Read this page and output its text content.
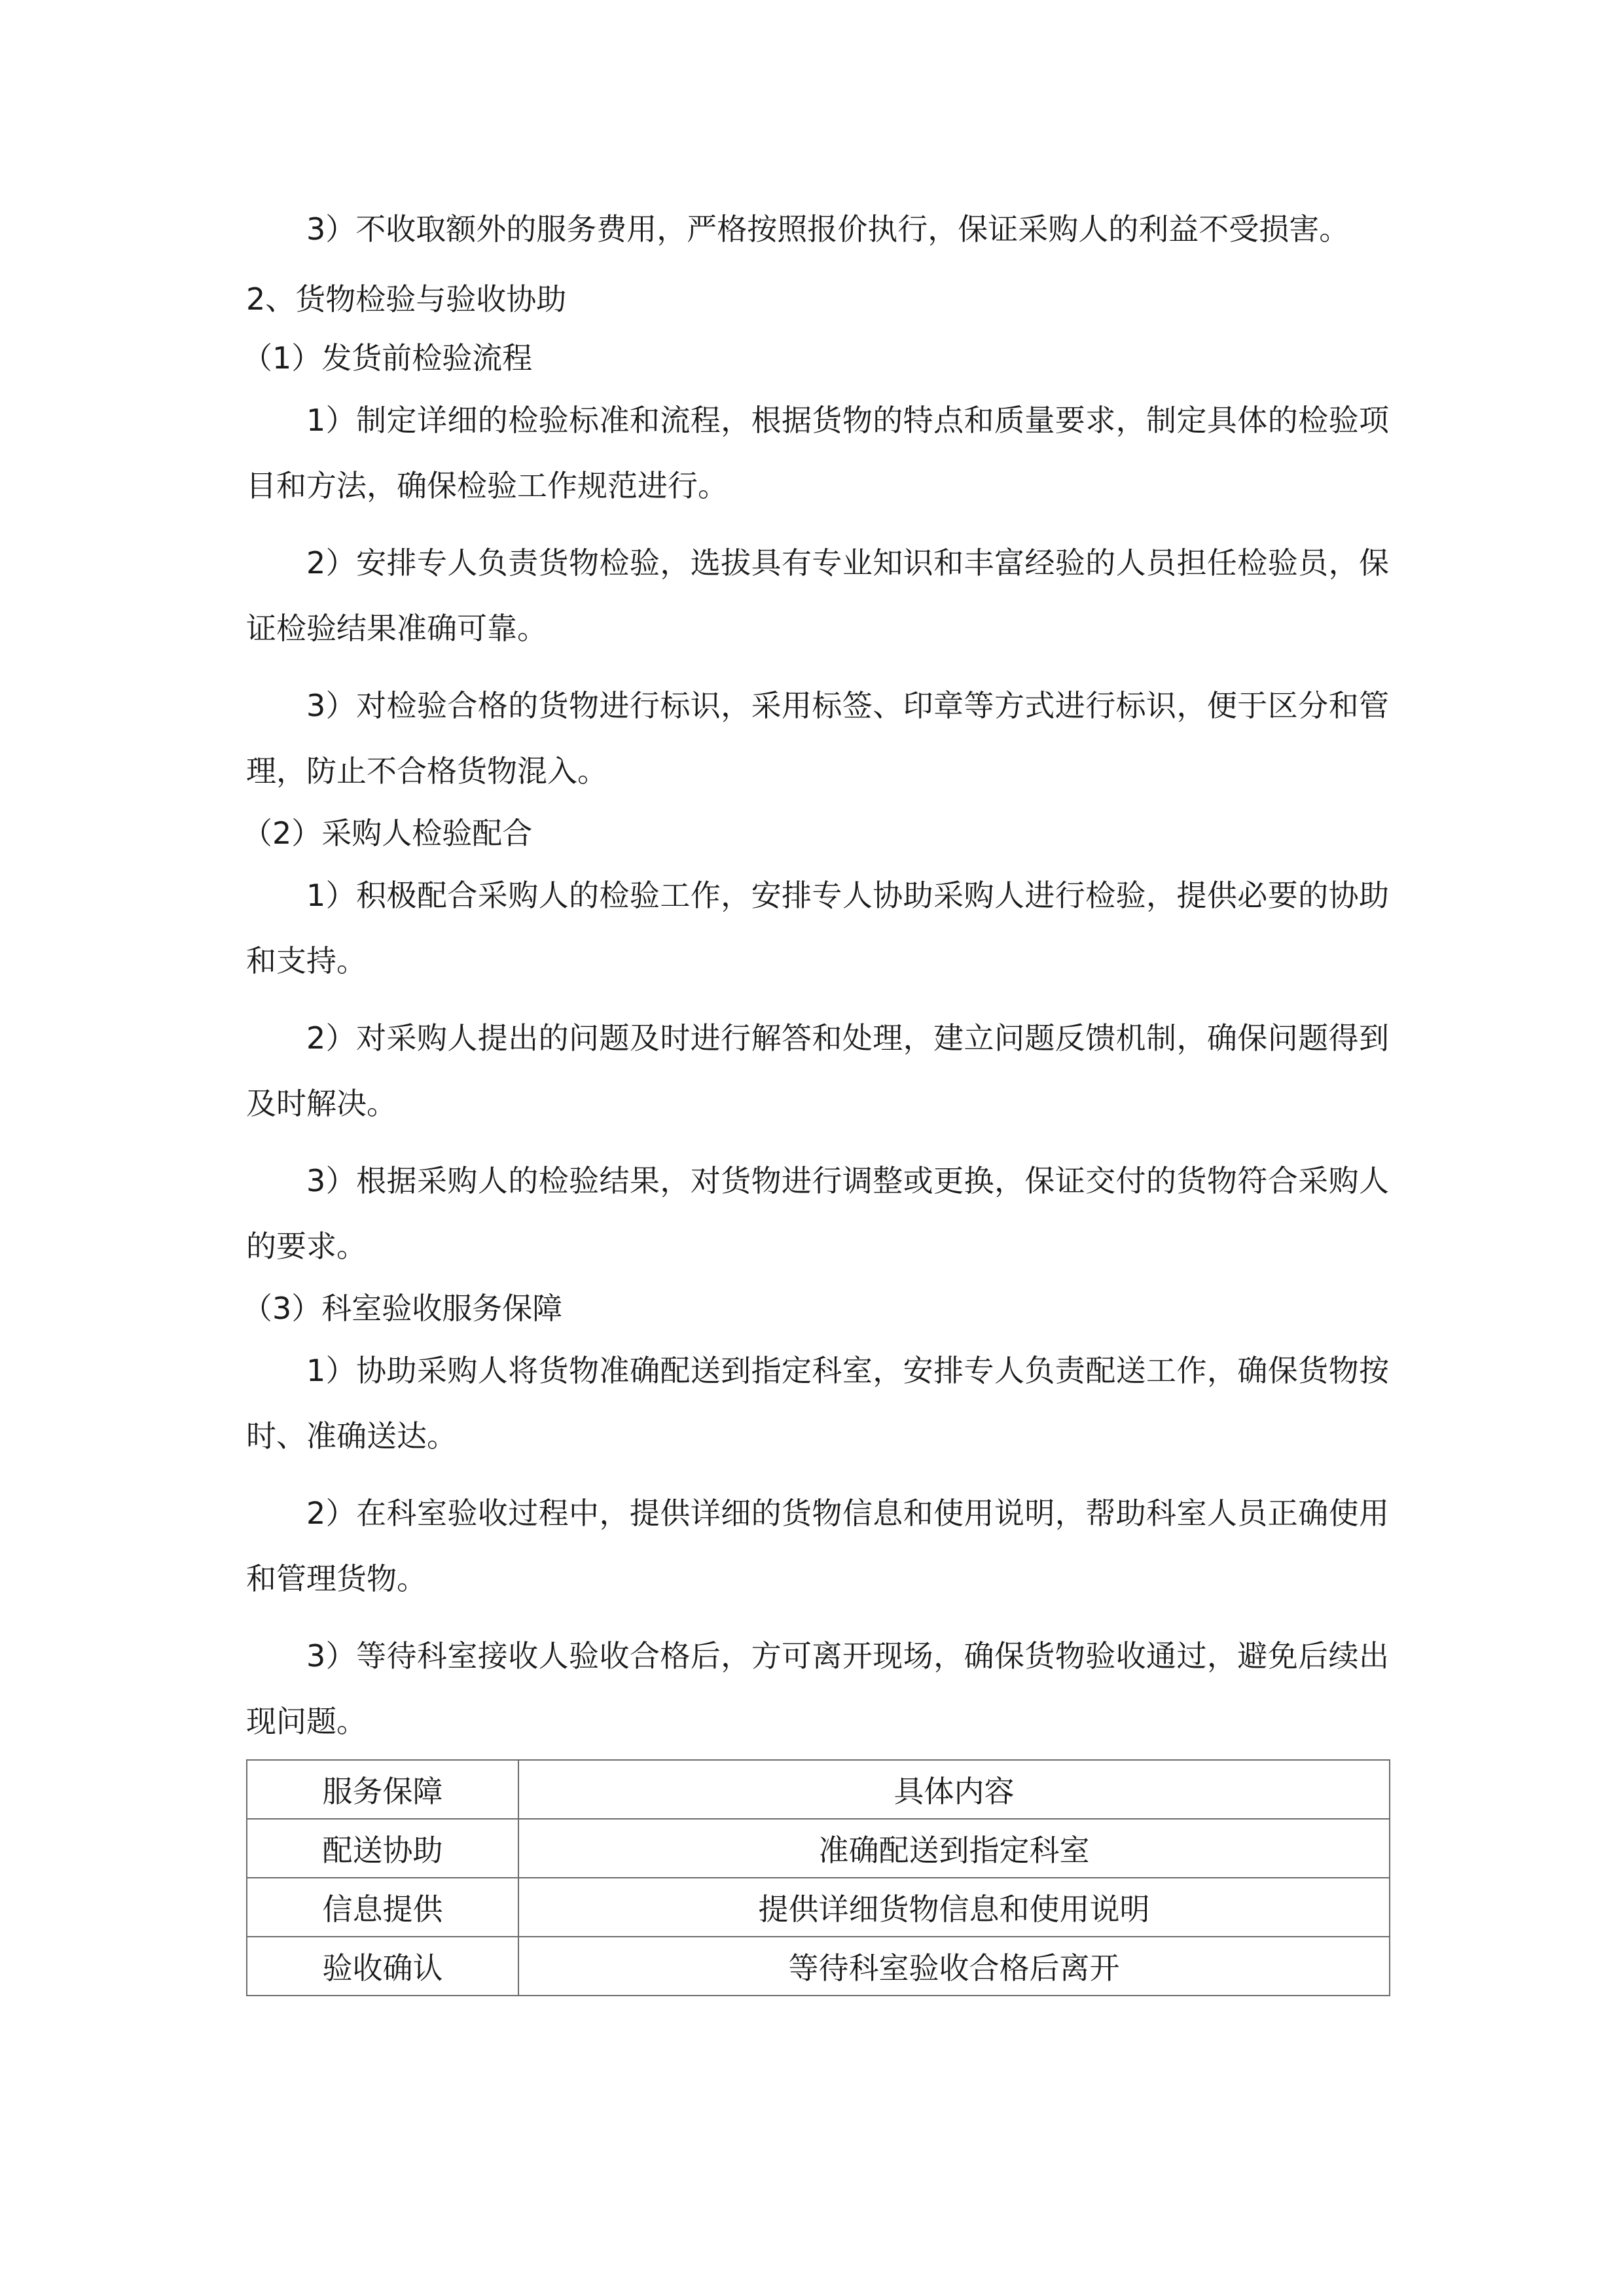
3）不收取额外的服务费用，严格按照报价执行，保证采购人的利益不受损害。

2、货物检验与验收协助

（1）发货前检验流程

1）制定详细的检验标准和流程，根据货物的特点和质量要求，制定具体的检验项目和方法，确保检验工作规范进行。

2）安排专人负责货物检验，选拔具有专业知识和丰富经验的人员担任检验员，保证检验结果准确可靠。

3）对检验合格的货物进行标识，采用标签、印章等方式进行标识，便于区分和管理，防止不合格货物混入。

（2）采购人检验配合

1）积极配合采购人的检验工作，安排专人协助采购人进行检验，提供必要的协助和支持。

2）对采购人提出的问题及时进行解答和处理，建立问题反馈机制，确保问题得到及时解决。

3）根据采购人的检验结果，对货物进行调整或更换，保证交付的货物符合采购人的要求。

（3）科室验收服务保障

1）协助采购人将货物准确配送到指定科室，安排专人负责配送工作，确保货物按时、准确送达。

2）在科室验收过程中，提供详细的货物信息和使用说明，帮助科室人员正确使用和管理货物。

3）等待科室接收人验收合格后，方可离开现场，确保货物验收通过，避免后续出现问题。

服务保障	具体内容
配送协助	准确配送到指定科室
信息提供	提供详细货物信息和使用说明
验收确认	等待科室验收合格后离开
